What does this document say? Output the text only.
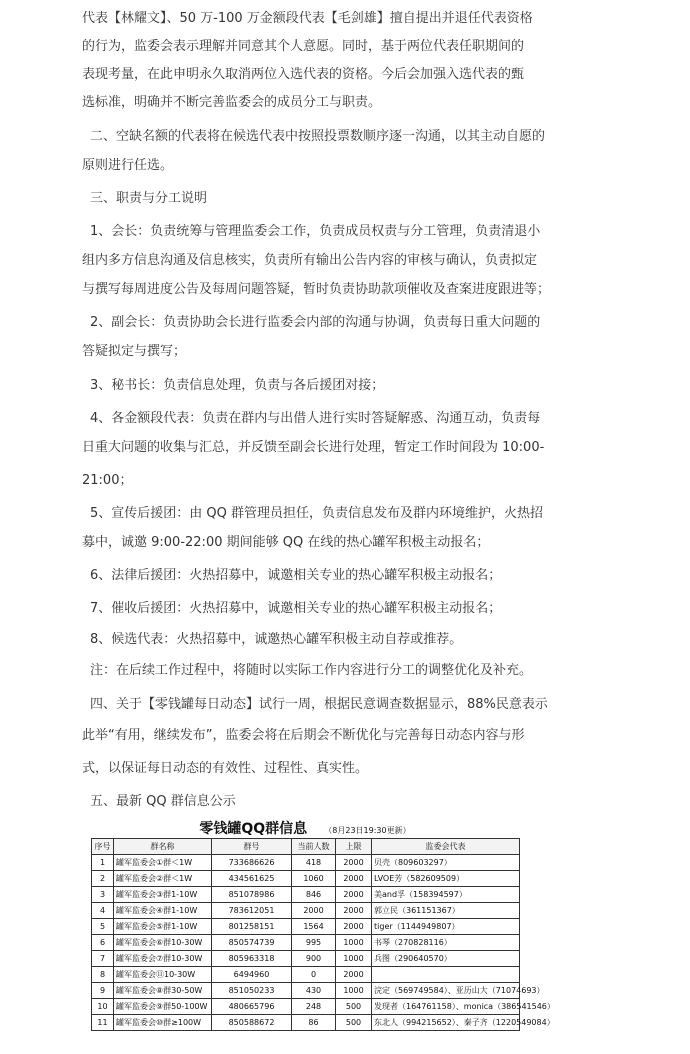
代表【林耀文】、50 万-100 万金额段代表【毛剑雄】擅自提出并退任代表资格
的行为，监委会表示理解并同意其个人意愿。同时，基于两位代表任职期间的
表现考量，在此申明永久取消两位入选代表的资格。今后会加强入选代表的甄
选标准，明确并不断完善监委会的成员分工与职责。
二、空缺名额的代表将在候选代表中按照投票数顺序逐一沟通，以其主动自愿的
原则进行任选。
三、职责与分工说明
1、会长：负责统筹与管理监委会工作，负责成员权责与分工管理，负责清退小
组内多方信息沟通及信息核实，负责所有输出公告内容的审核与确认，负责拟定
与撰写每周进度公告及每周问题答疑，暂时负责协助款项催收及查案进度跟进等；
2、副会长：负责协助会长进行监委会内部的沟通与协调，负责每日重大问题的
答疑拟定与撰写；
3、秘书长：负责信息处理，负责与各后援团对接；
4、各金额段代表：负责在群内与出借人进行实时答疑解惑、沟通互动，负责每
日重大问题的收集与汇总，并反馈至副会长进行处理，暂定工作时间段为 10:00-
21:00；
5、宣传后援团：由 QQ 群管理员担任，负责信息发布及群内环境维护，火热招
募中，诚邀 9:00-22:00 期间能够 QQ 在线的热心罐军积极主动报名；
6、法律后援团：火热招募中，诚邀相关专业的热心罐军积极主动报名；
7、催收后援团：火热招募中，诚邀相关专业的热心罐军积极主动报名；
8、候选代表：火热招募中，诚邀热心罐军积极主动自荐或推荐。
注：在后续工作过程中，将随时以实际工作内容进行分工的调整优化及补充。
四、关于【零钱罐每日动态】试行一周，根据民意调查数据显示，88%民意表示
此举“有用，继续发布”，监委会将在后期会不断优化与完善每日动态内容与形
式，以保证每日动态的有效性、过程性、真实性。
五、最新 QQ 群信息公示
零钱罐QQ群信息 （8月23日19:30更新）
序号	群名称	群号	当前人数	上限	监委会代表
1	罐军监委会①群＜1W	733686626	418	2000	贝壳（809603297）
2	罐军监委会②群＜1W	434561625	1060	2000	LVOE芳（582609509）
3	罐军监委会③群1-10W	851078986	846	2000	美and孚（158394597）
4	罐军监委会④群1-10W	783612051	2000	2000	郭立民（361151367）
5	罐军监委会⑤群1-10W	801258151	1564	2000	tiger（1144949807）
6	罐军监委会⑥群10-30W	850574739	995	1000	书琴（270828116）
7	罐军监委会⑦群10-30W	805963318	900	1000	兵图（290640570）
8	罐军监委会⑪10-30W	6494960	0	2000	
9	罐军监委会⑧群30-50W	851050233	430	1000	浣定（569749584）、亚历山大（71074693）
10	罐军监委会⑨群50-100W	480665796	248	500	发现者（164761158）、monica（386541546）
11	罐军监委会⑩群≥100W	850588672	86	500	东北人（994215652）、秦子齐（1220549084）
